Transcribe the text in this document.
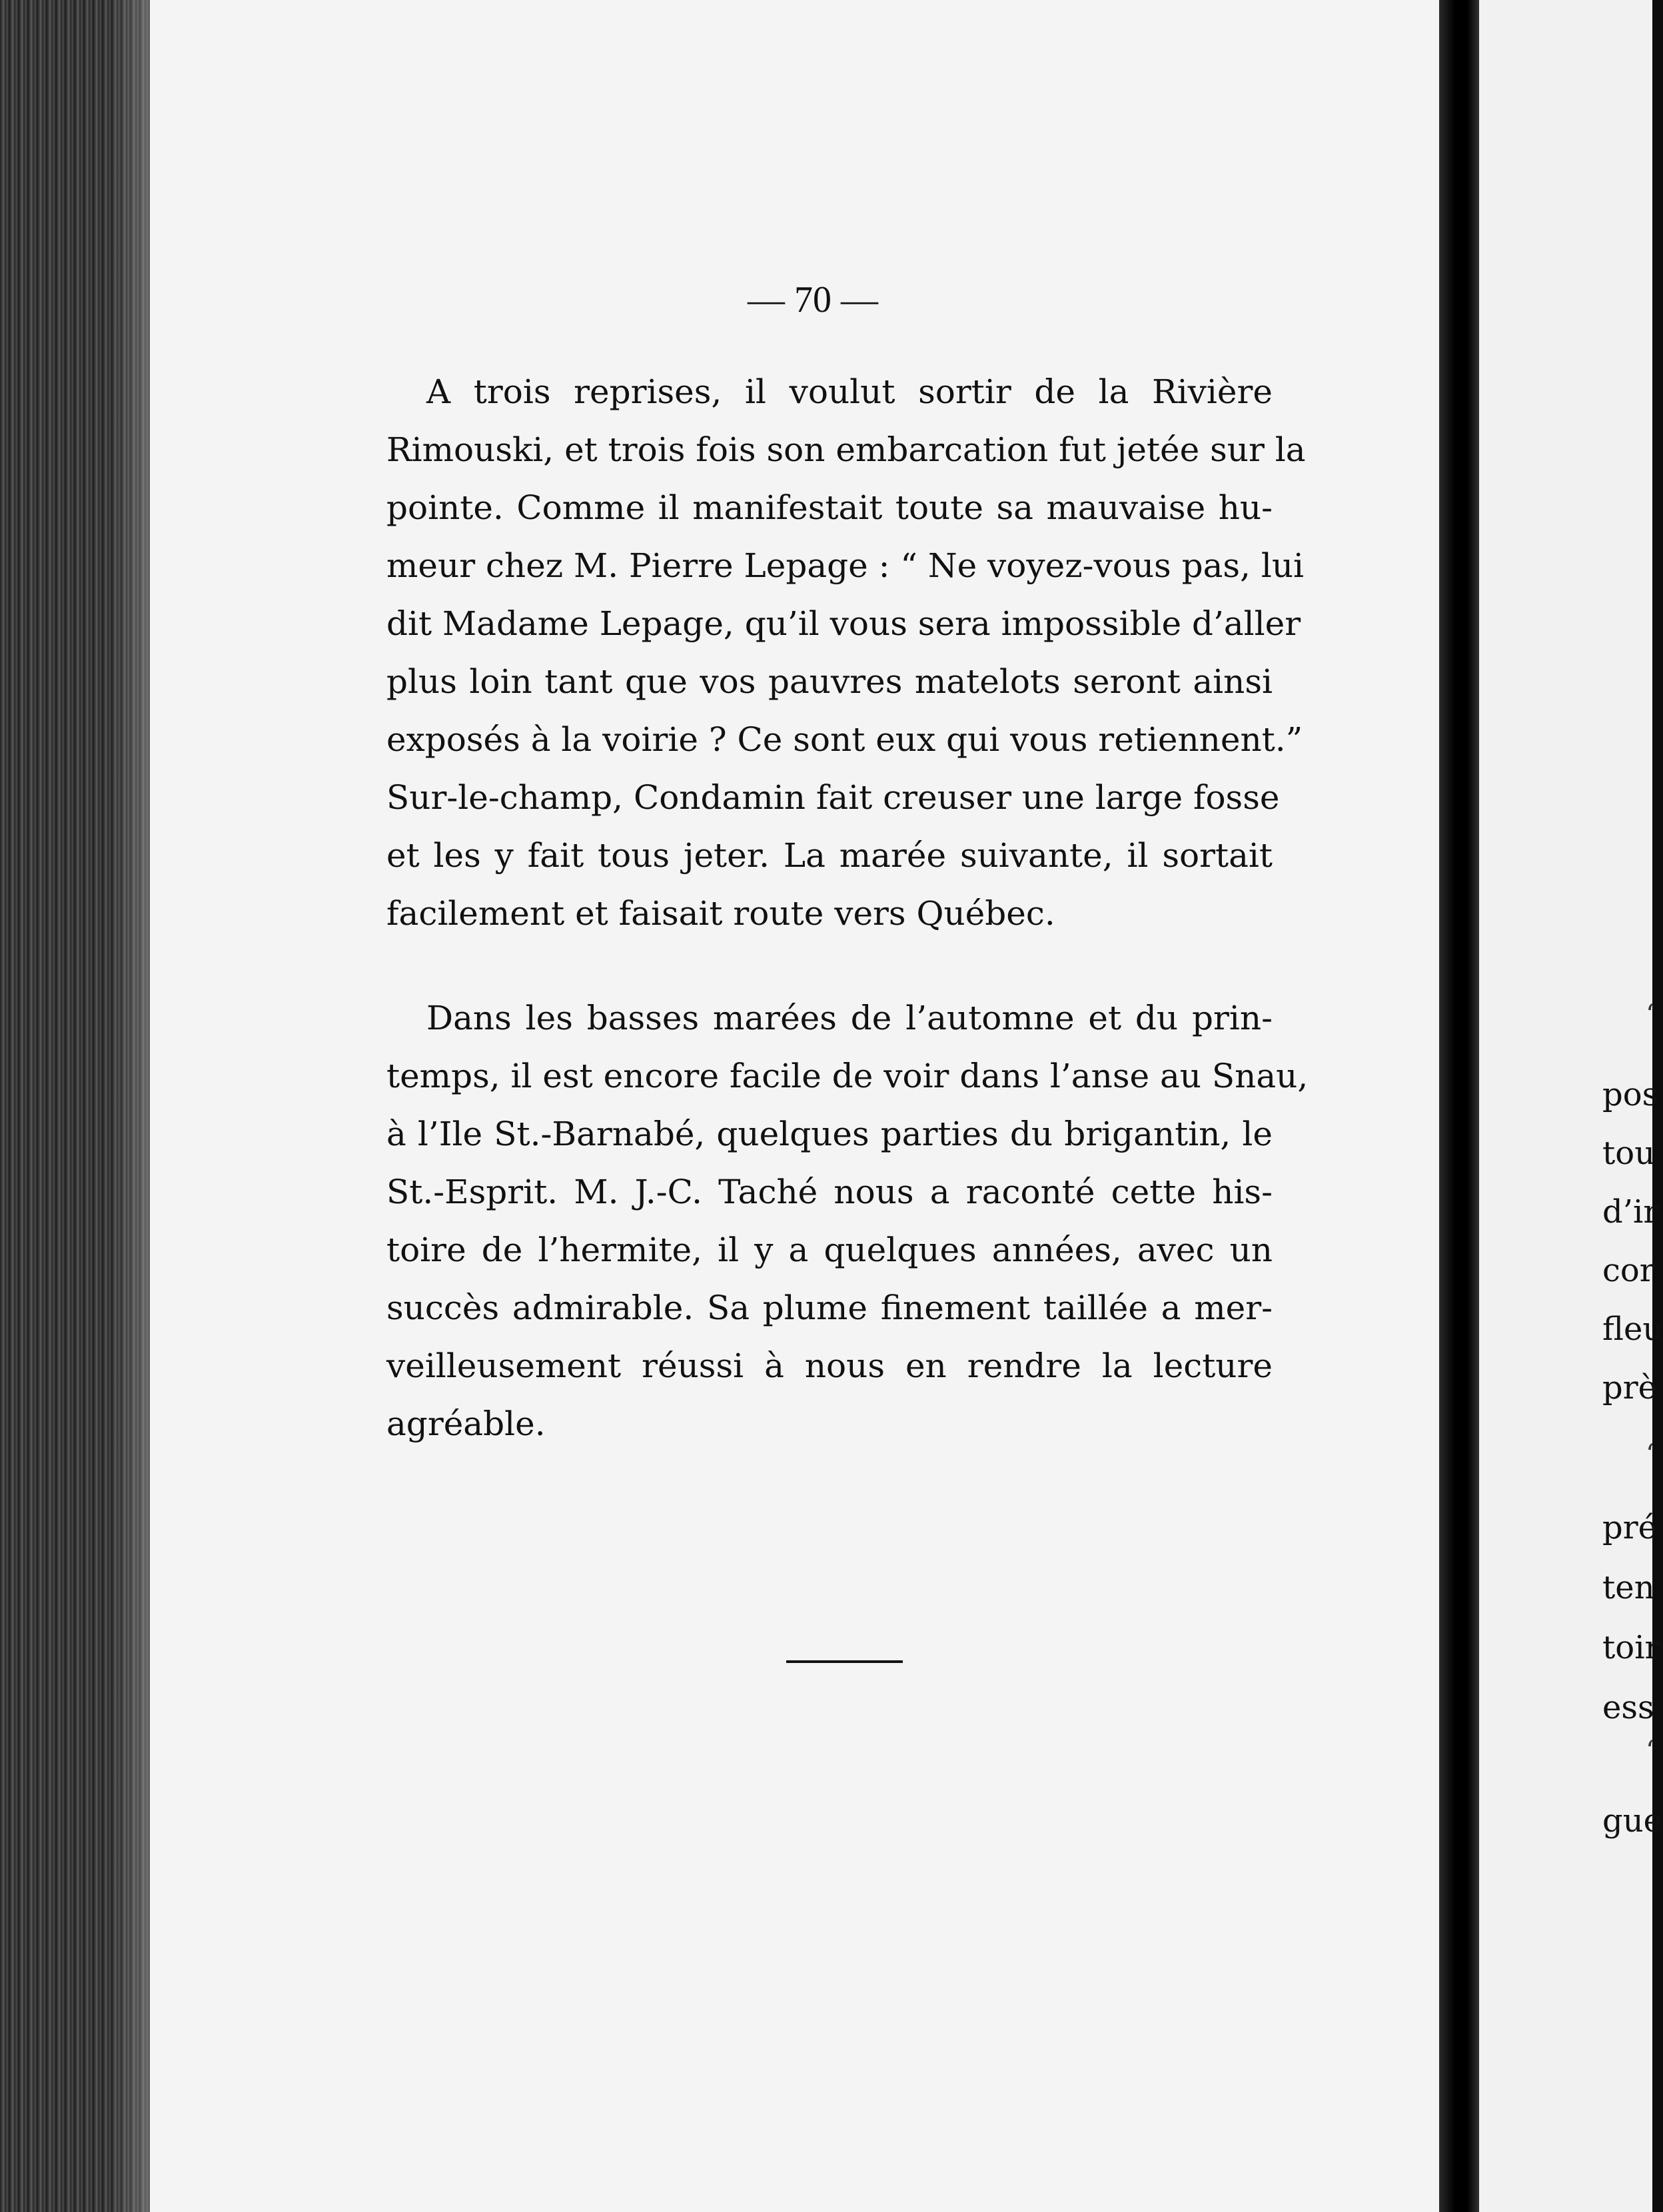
‘
pos
tou
d’ir
cor
fleu
prè
‘
pré
ten
toir
ess
‘
gue
— 70 —
A trois reprises, il voulut sortir de la Rivière
Rimouski, et trois fois son embarcation fut jetée sur la
pointe. Comme il manifestait toute sa mauvaise hu-
meur chez M. Pierre Lepage : “ Ne voyez-vous pas, lui
dit Madame Lepage, qu’il vous sera impossible d’aller
plus loin tant que vos pauvres matelots seront ainsi
exposés à la voirie ? Ce sont eux qui vous retiennent.”
Sur-le-champ, Condamin fait creuser une large fosse
et les y fait tous jeter. La marée suivante, il sortait
facilement et faisait route vers Québec.
Dans les basses marées de l’automne et du prin-
temps, il est encore facile de voir dans l’anse au Snau,
à l’Ile St.-Barnabé, quelques parties du brigantin, le
St.-Esprit. M. J.-C. Taché nous a raconté cette his-
toire de l’hermite, il y a quelques années, avec un
succès admirable. Sa plume finement taillée a mer-
veilleusement réussi à nous en rendre la lecture
agréable.
